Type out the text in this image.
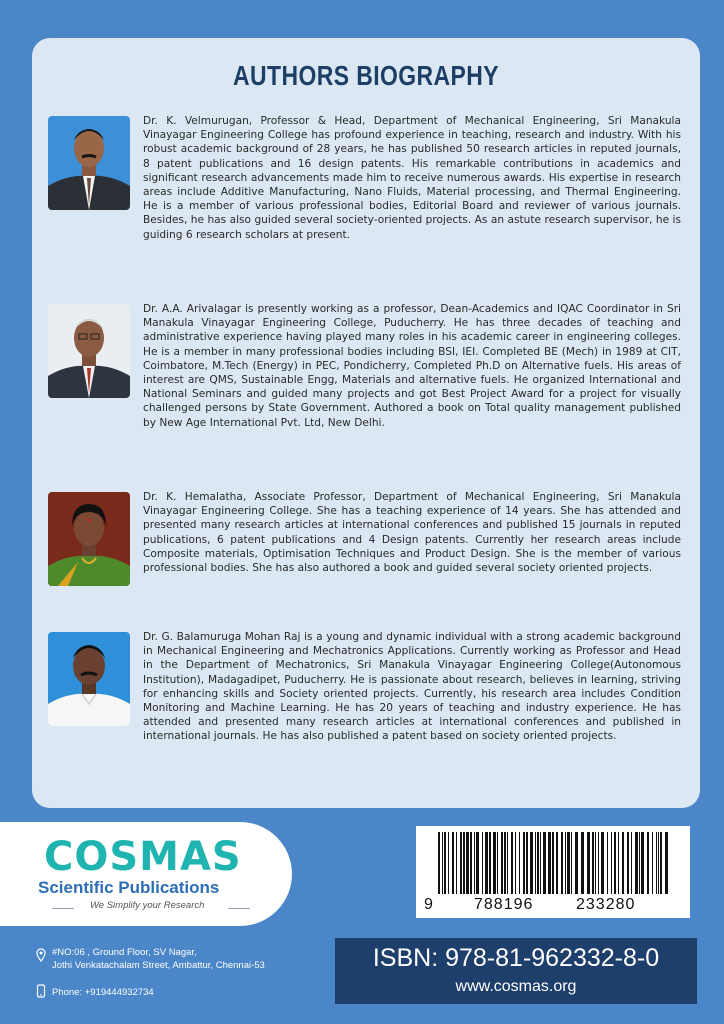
AUTHORS BIOGRAPHY

Dr. K. Velmurugan, Professor & Head, Department of Mechanical Engineering, Sri Manakula Vinayagar Engineering College has profound experience in teaching, research and industry. With his robust academic background of 28 years, he has published 50 research articles in reputed journals, 8 patent publications and 16 design patents. His remarkable contributions in academics and significant research advancements made him to receive numerous awards. His expertise in research areas include Additive Manufacturing, Nano Fluids, Material processing, and Thermal Engineering. He is a member of various professional bodies, Editorial Board and reviewer of various journals. Besides, he has also guided several society-oriented projects. As an astute research supervisor, he is guiding 6 research scholars at present.

Dr. A.A. Arivalagar is presently working as a professor, Dean-Academics and IQAC Coordinator in Sri Manakula Vinayagar Engineering College, Puducherry. He has three decades of teaching and administrative experience having played many roles in his academic career in engineering colleges. He is a member in many professional bodies including BSI, IEI. Completed BE (Mech) in 1989 at CIT, Coimbatore, M.Tech (Energy) in PEC, Pondicherry, Completed Ph.D on Alternative fuels. His areas of interest are QMS, Sustainable Engg, Materials and alternative fuels. He organized International and National Seminars and guided many projects and got Best Project Award for a project for visually challenged persons by State Government. Authored a book on Total quality management published by New Age International Pvt. Ltd, New Delhi.

Dr. K. Hemalatha, Associate Professor, Department of Mechanical Engineering, Sri Manakula Vinayagar Engineering College. She has a teaching experience of 14 years. She has attended and presented many research articles at international conferences and published 15 journals in reputed publications, 6 patent publications and 4 Design patents. Currently her research areas include Composite materials, Optimisation Techniques and Product Design. She is the member of various professional bodies. She has also authored a book and guided several society oriented projects.

Dr. G. Balamuruga Mohan Raj is a young and dynamic individual with a strong academic background in Mechanical Engineering and Mechatronics Applications. Currently working as Professor and Head in the Department of Mechatronics, Sri Manakula Vinayagar Engineering College(Autonomous Institution), Madagadipet, Puducherry. He is passionate about research, believes in learning, striving for enhancing skills and Society oriented projects. Currently, his research area includes Condition Monitoring and Machine Learning. He has 20 years of teaching and industry experience. He has attended and presented many research articles at international conferences and published in international journals. He has also published a patent based on society oriented projects.

COSMAS
Scientific Publications
We Simplify your Research	9	788196	233280
#NO:06 , Ground Floor, SV Nagar,
Jothi Venkatachalam Street, Ambattur, Chennai-53
Phone: +919444932734
ISBN: 978-81-962332-8-0
www.cosmas.org
